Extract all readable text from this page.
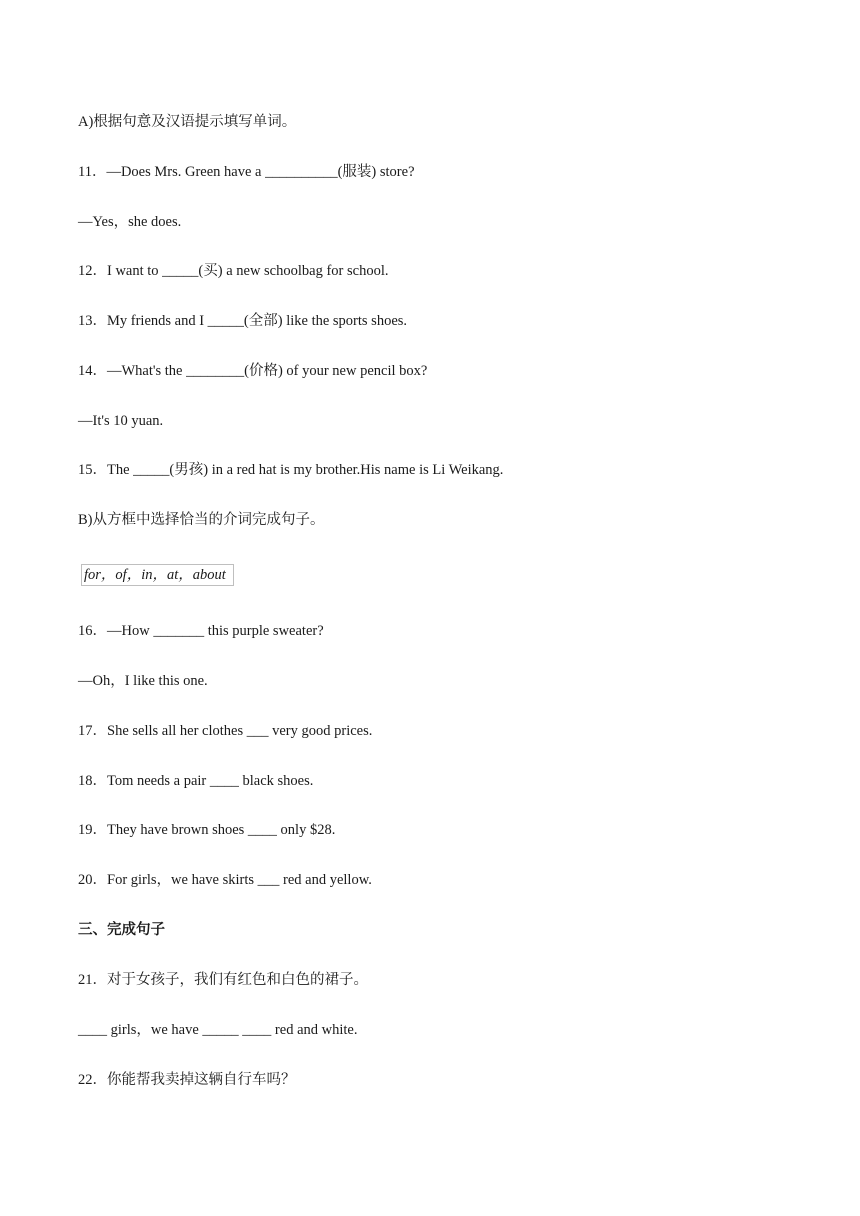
A)根据句意及汉语提示填写单词。
11．—Does Mrs. Green have a __________(服装) store?
—Yes，she does.
12．I want to _____(买) a new schoolbag for school.
13．My friends and I _____(全部) like the sports shoes.
14．—What's the ________(价格) of your new pencil box?
—It's 10 yuan.
15．The _____(男孩) in a red hat is my brother.His name is Li Weikang.
B)从方框中选择恰当的介词完成句子。
for，of，in，at，about
16．—How _______ this purple sweater?
—Oh，I like this one.
17．She sells all her clothes ___ very good prices.
18．Tom needs a pair ____ black shoes.
19．They have brown shoes ____ only $28.
20．For girls，we have skirts ___ red and yellow.
三、完成句子
21．对于女孩子，我们有红色和白色的裙子。
____ girls，we have _____ ____ red and white.
22．你能帮我卖掉这辆自行车吗？
